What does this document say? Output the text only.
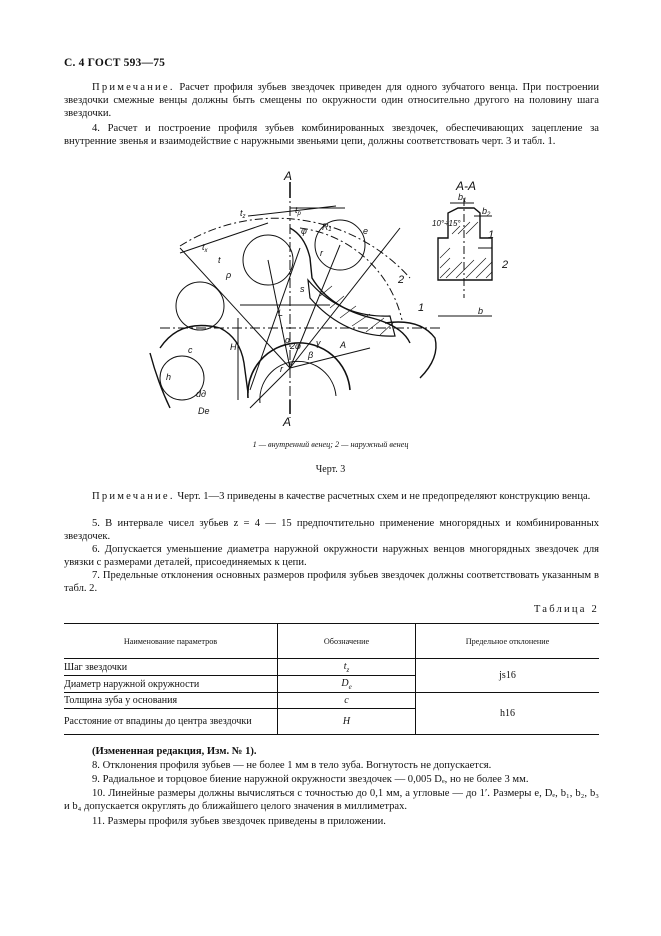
С. 4 ГОСТ 593—75
Примечание. Расчет профиля зубьев звездочек приведен для одного зубчатого венца. При построении звездочки смежные венцы должны быть смещены по окружности один относительно другого на половину шага звездочки.
4. Расчет и построение профиля зубьев комбинированных звездочек, обеспечивающих зацепление за внутренние звенья и взаимодействие с наружными звеньями цепи, должны соответствовать черт. 3 и табл. 1.
А
А
А-А
$t_z$
$t_p$
$t_x$
t
φ R₁
r
ρ
e
L
H	A
c
h
dд
De
α	γ
β
2φ
r
s
2
1
10°÷15°
$b_1$
$b_2$
b
1
2
1 — внутренний венец; 2 — наружный венец
Черт. 3
Примечание. Черт. 1—3 приведены в качестве расчетных схем и не предопределяют конструкцию венца.
5. В интервале чисел зубьев z = 4 — 15 предпочтительно применение многорядных и комбинированных звездочек.
6. Допускается уменьшение диаметра наружной окружности наружных венцов многорядных звездочек для увязки с размерами деталей, присоединяемых к цепи.
7. Предельные отклонения основных размеров профиля зубьев звездочек должны соответствовать указанным в табл. 2.
Таблица 2
Наименование параметров	Обозначение	Предельное отклонение
Шаг звездочки	$t_z$	js16
Диаметр наружной окружности	$D_e$
Толщина зуба у основания	c	h16
Расстояние от впадины до центра звездочки	H	
(Измененная редакция, Изм. № 1).
8. Отклонения профиля зубьев — не более 1 мм в тело зуба. Вогнутость не допускается.
9. Радиальное и торцовое биение наружной окружности звездочек — 0,005 Dₑ, но не более 3 мм.
10. Линейные размеры должны вычисляться с точностью до 0,1 мм, а угловые — до 1′. Размеры e, Dₑ, b₁, b₂, b₃ и b₄ допускается округлять до ближайшего целого значения в миллиметрах.
11. Размеры профиля зубьев звездочек приведены в приложении.
